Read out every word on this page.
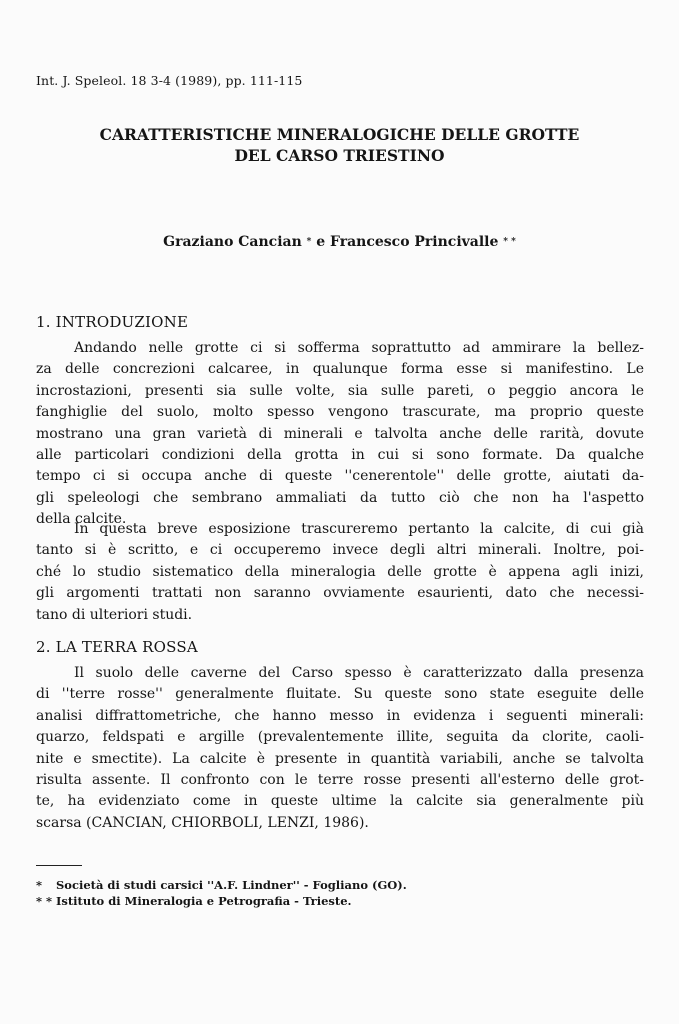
Int. J. Speleol. 18 3-4 (1989), pp. 111-115
CARATTERISTICHE MINERALOGICHE DELLE GROTTE
DEL CARSO TRIESTINO
Graziano Cancian * e Francesco Princivalle * *
1. INTRODUZIONE
Andando nelle grotte ci si sofferma soprattutto ad ammirare la bellez-
za delle concrezioni calcaree, in qualunque forma esse si manifestino. Le
incrostazioni, presenti sia sulle volte, sia sulle pareti, o peggio ancora le
fanghiglie del suolo, molto spesso vengono trascurate, ma proprio queste
mostrano una gran varietà di minerali e talvolta anche delle rarità, dovute
alle particolari condizioni della grotta in cui si sono formate. Da qualche
tempo ci si occupa anche di queste ''cenerentole'' delle grotte, aiutati da-
gli speleologi che sembrano ammaliati da tutto ciò che non ha l'aspetto
della calcite.
In questa breve esposizione trascureremo pertanto la calcite, di cui già
tanto si è scritto, e ci occuperemo invece degli altri minerali. Inoltre, poi-
ché lo studio sistematico della mineralogia delle grotte è appena agli inizi,
gli argomenti trattati non saranno ovviamente esaurienti, dato che necessi-
tano di ulteriori studi.
2. LA TERRA ROSSA
Il suolo delle caverne del Carso spesso è caratterizzato dalla presenza
di ''terre rosse'' generalmente fluitate. Su queste sono state eseguite delle
analisi diffrattometriche, che hanno messo in evidenza i seguenti minerali:
quarzo, feldspati e argille (prevalentemente illite, seguita da clorite, caoli-
nite e smectite). La calcite è presente in quantità variabili, anche se talvolta
risulta assente. Il confronto con le terre rosse presenti all'esterno delle grot-
te, ha evidenziato come in queste ultime la calcite sia generalmente più
scarsa (CANCIAN, CHIORBOLI, LENZI, 1986).
* Società di studi carsici ''A.F. Lindner'' - Fogliano (GO).
* * Istituto di Mineralogia e Petrografia - Trieste.
